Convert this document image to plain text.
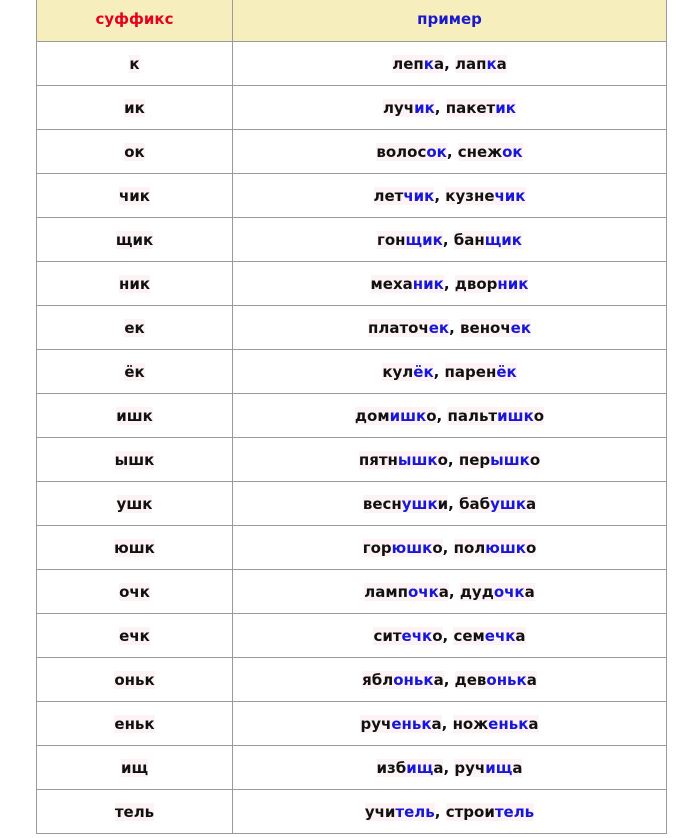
суффикс	пример
к	лепка, лапка
ик	лучик, пакетик
ок	волосок, снежок
чик	летчик, кузнечик
щик	гонщик, банщик
ник	механик, дворник
ек	платочек, веночек
ёк	кулёк, паренёк
ишк	домишко, пальтишко
ышк	пятнышко, перышко
ушк	веснушки, бабушка
юшк	горюшко, полюшко
очк	лампочка, дудочка
ечк	ситечко, семечка
оньк	яблонька, девонька
еньк	рученька, ноженька
ищ	избища, ручища
тель	учитель, строитель
